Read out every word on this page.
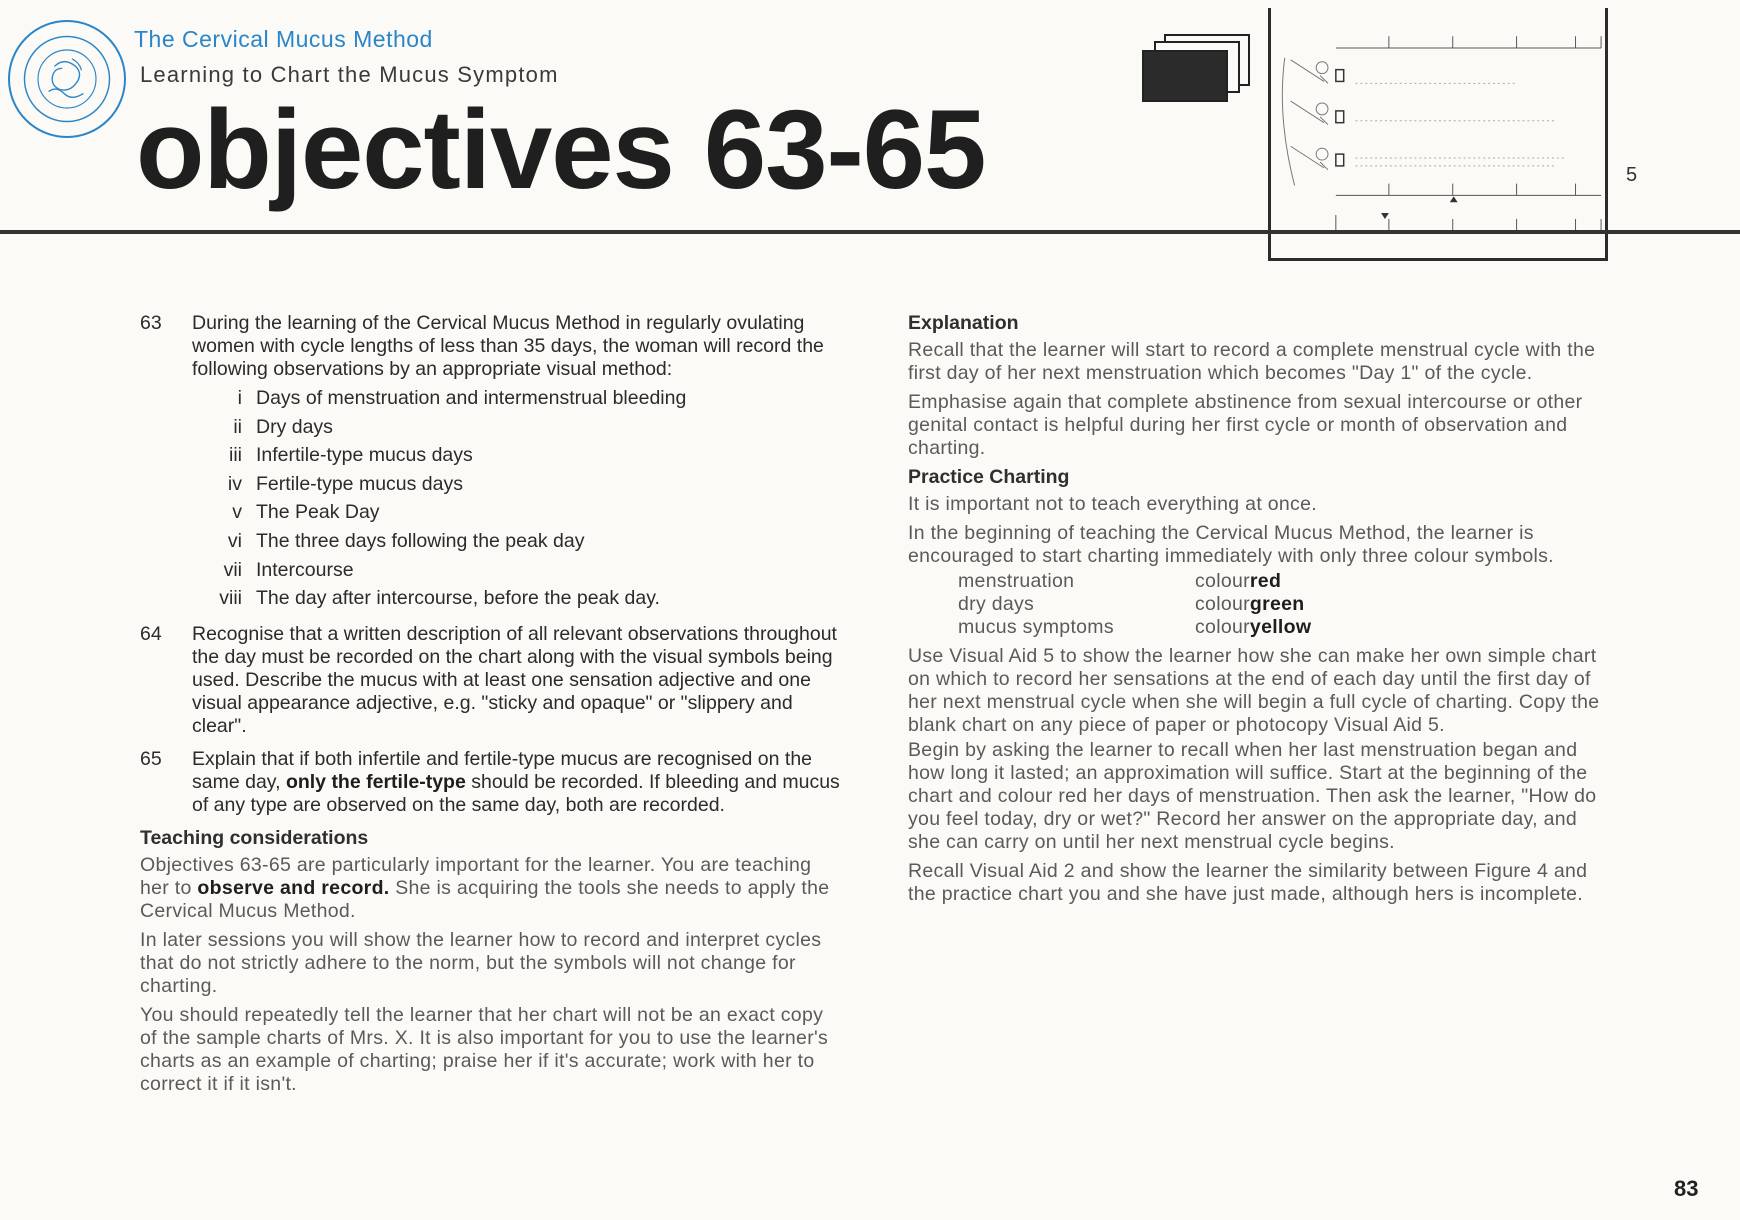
The Cervical Mucus Method
Learning to Chart the Mucus Symptom
objectives 63-65	5
63	During the learning of the Cervical Mucus Method in regularly ovulating women with cycle lengths of less than 35 days, the woman will record the following observations by an appropriate visual method:
i Days of menstruation and intermenstrual bleeding
ii Dry days
iii Infertile-type mucus days
iv Fertile-type mucus days
v The Peak Day
vi The three days following the peak day
vii Intercourse
viii The day after intercourse, before the peak day.
64	Recognise that a written description of all relevant observations throughout the day must be recorded on the chart along with the visual symbols being used. Describe the mucus with at least one sensation adjective and one visual appearance adjective, e.g. "sticky and opaque" or "slippery and clear".
65	Explain that if both infertile and fertile-type mucus are recognised on the same day, only the fertile-type should be recorded. If bleeding and mucus of any type are observed on the same day, both are recorded.
Teaching considerations

Objectives 63-65 are particularly important for the learner. You are teaching her to observe and record. She is acquiring the tools she needs to apply the Cervical Mucus Method.

In later sessions you will show the learner how to record and interpret cycles that do not strictly adhere to the norm, but the symbols will not change for charting.

You should repeatedly tell the learner that her chart will not be an exact copy of the sample charts of Mrs. X. It is also important for you to use the learner's charts as an example of charting; praise her if it's accurate; work with her to correct it if it isn't.

Explanation

Recall that the learner will start to record a complete menstrual cycle with the first day of her next menstruation which becomes "Day 1" of the cycle.

Emphasise again that complete abstinence from sexual intercourse or other genital contact is helpful during her first cycle or month of observation and charting.

Practice Charting

It is important not to teach everything at once.

In the beginning of teaching the Cervical Mucus Method, the learner is encouraged to start charting immediately with only three colour symbols.

menstruation	colour red
dry days	colour green
mucus symptoms	colour yellow

Use Visual Aid 5 to show the learner how she can make her own simple chart on which to record her sensations at the end of each day until the first day of her next menstrual cycle when she will begin a full cycle of charting. Copy the blank chart on any piece of paper or photocopy Visual Aid 5.

Begin by asking the learner to recall when her last menstruation began and how long it lasted; an approximation will suffice. Start at the beginning of the chart and colour red her days of menstruation. Then ask the learner, "How do you feel today, dry or wet?" Record her answer on the appropriate day, and she can carry on until her next menstrual cycle begins.

Recall Visual Aid 2 and show the learner the similarity between Figure 4 and the practice chart you and she have just made, although hers is incomplete.

83
